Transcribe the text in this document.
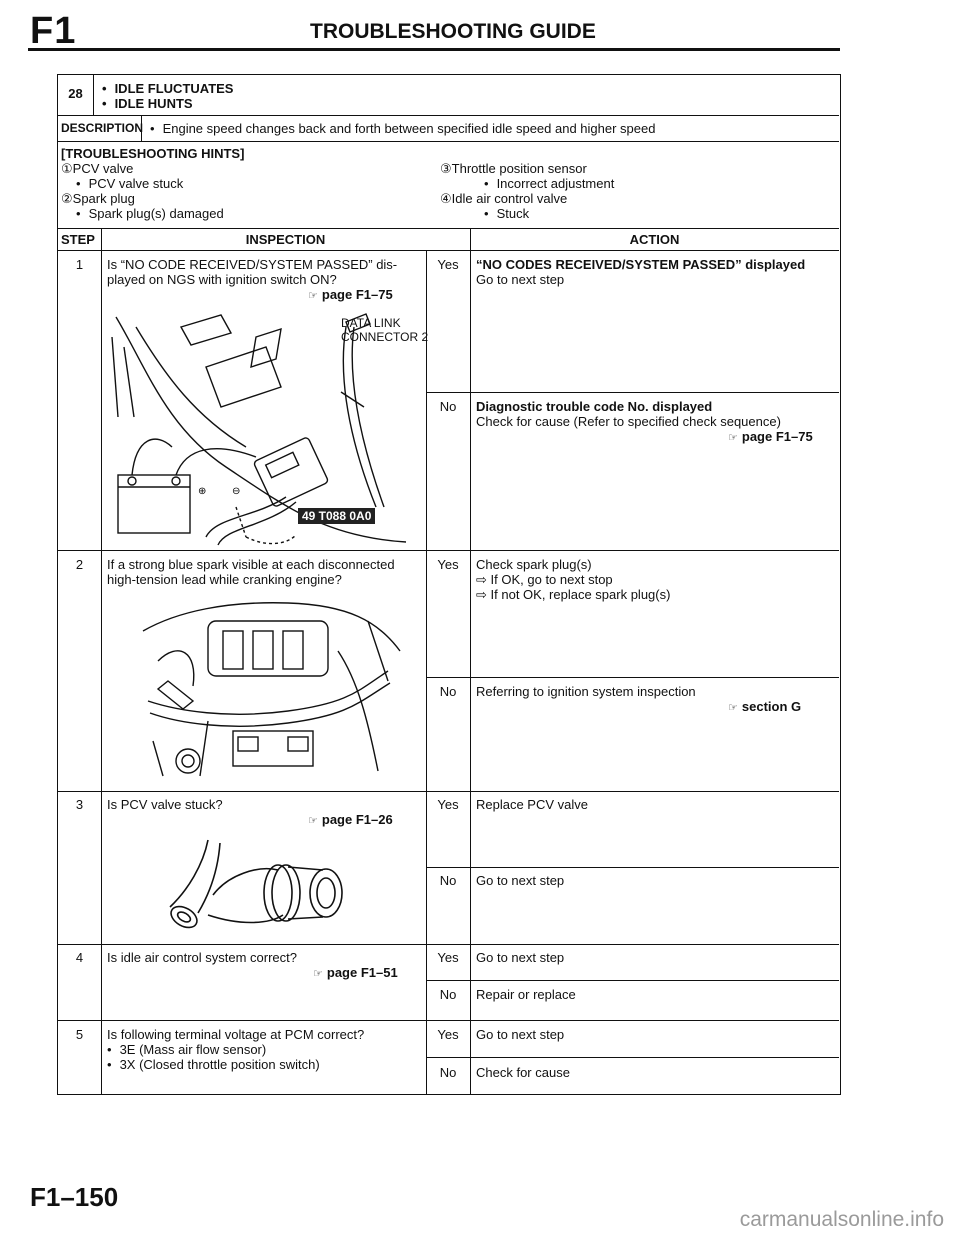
F1	TROUBLESHOOTING GUIDE
28	• IDLE FLUCTUATES
• IDLE HUNTS
DESCRIPTION	• Engine speed changes back and forth between specified idle speed and higher speed
[TROUBLESHOOTING HINTS]
①PCV valve
• PCV valve stuck
②Spark plug
• Spark plug(s) damaged
③Throttle position sensor
• Incorrect adjustment
④Idle air control valve
• Stuck
STEP	INSPECTION	ACTION
1	Is “NO CODE RECEIVED/SYSTEM PASSED” dis-
played on NGS with ignition switch ON?
☞ page F1–75
⊕	⊖
DATA LINK
CONNECTOR 2
49 T088 0A0
Yes	“NO CODES RECEIVED/SYSTEM PASSED” displayed
Go to next step
No	Diagnostic trouble code No. displayed
Check for cause (Refer to specified check sequence)
☞ page F1–75
2	If a strong blue spark visible at each disconnected
high-tension lead while cranking engine?
Yes	Check spark plug(s)
⇨ If OK, go to next stop
⇨ If not OK, replace spark plug(s)
No	Referring to ignition system inspection
☞ section G
3	Is PCV valve stuck?
☞ page F1–26
Yes	Replace PCV valve
No	Go to next step
4	Is idle air control system correct?
☞ page F1–51
Yes	Go to next step
No	Repair or replace
5	Is following terminal voltage at PCM correct?
• 3E (Mass air flow sensor)
• 3X (Closed throttle position switch)
Yes	Go to next step
No	Check for cause
F1–150
carmanualsonline.info
